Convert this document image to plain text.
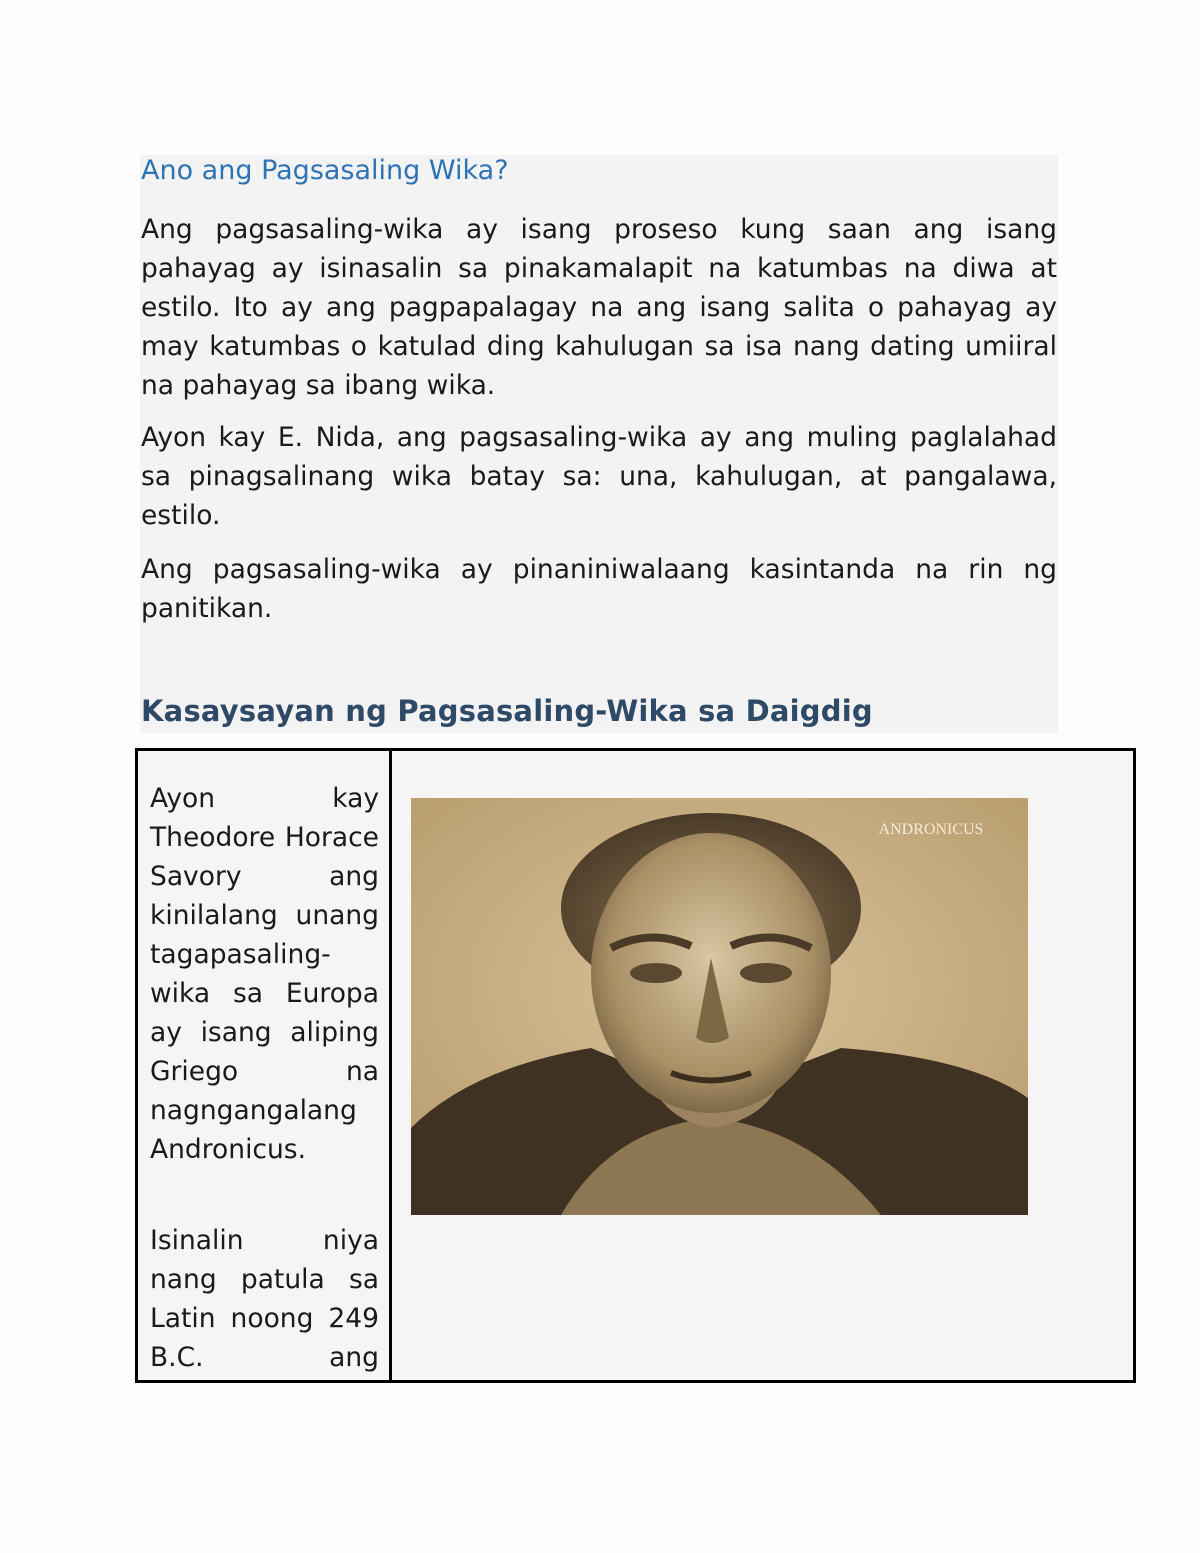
Ano ang Pagsasaling Wika?

Ang pagsasaling-wika ay isang proseso kung saan ang isang pahayag ay isinasalin sa pinakamalapit na katumbas na diwa at estilo. Ito ay ang pagpapalagay na ang isang salita o pahayag ay may katumbas o katulad ding kahulugan sa isa nang dating umiiral na pahayag sa ibang wika.

Ayon kay E. Nida, ang pagsasaling-wika ay ang muling paglalahad sa pinagsalinang wika batay sa: una, kahulugan, at pangalawa, estilo.

Ang pagsasaling-wika ay pinaniniwalaang kasintanda na rin ng panitikan.

Kasaysayan ng Pagsasaling-Wika sa Daigdig

Ayon kay Theodore Horace Savory ang kinilalang unang tagapasaling-wika sa Europa ay isang aliping Griego na nagngangalang Andronicus.

Isinalin niya nang patula sa Latin noong 249 B.C. ang

ANDRONICUS
